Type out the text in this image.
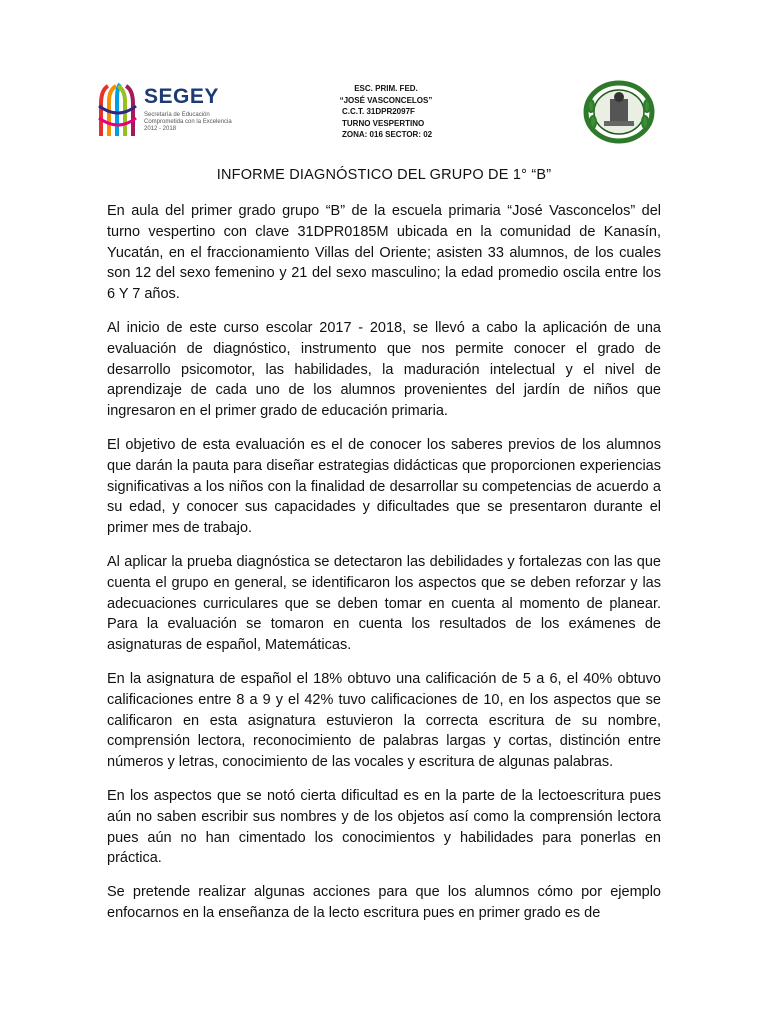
SEGEY
Secretaría de Educación
Comprometida con la Excelencia
2012 - 2018
ESC. PRIM. FED.
“JOSÉ VASCONCELOS”
C.C.T. 31DPR2097F
TURNO VESPERTINO
ZONA: 016 SECTOR: 02
INFORME DIAGNÓSTICO DEL GRUPO DE 1° “B”

En aula del primer grado grupo “B” de la escuela primaria “José Vasconcelos” del turno vespertino con clave 31DPR0185M ubicada en la comunidad de Kanasín, Yucatán, en el fraccionamiento Villas del Oriente; asisten 33 alumnos, de los cuales son 12 del sexo femenino y 21 del sexo masculino; la edad promedio oscila entre los 6 Y 7 años.

Al inicio de este curso escolar 2017 - 2018, se llevó a cabo la aplicación de una evaluación de diagnóstico, instrumento que nos permite conocer el grado de desarrollo psicomotor, las habilidades, la maduración intelectual y el nivel de aprendizaje de cada uno de los alumnos provenientes del jardín de niños que ingresaron en el primer grado de educación primaria.

El objetivo de esta evaluación es el de conocer los saberes previos de los alumnos que darán la pauta para diseñar estrategias didácticas que proporcionen experiencias significativas a los niños con la finalidad de desarrollar su competencias de acuerdo a su edad, y conocer sus capacidades y dificultades que se presentaron durante el primer mes de trabajo.

Al aplicar la prueba diagnóstica se detectaron las debilidades y fortalezas con las que cuenta el grupo en general, se identificaron los aspectos que se deben reforzar y las adecuaciones curriculares que se deben tomar en cuenta al momento de planear. Para la evaluación se tomaron en cuenta los resultados de los exámenes de asignaturas de español, Matemáticas.

En la asignatura de español el 18% obtuvo una calificación de 5 a 6, el 40% obtuvo calificaciones entre 8 a 9 y el 42% tuvo calificaciones de 10, en los aspectos que se calificaron en esta asignatura estuvieron la correcta escritura de su nombre, comprensión lectora, reconocimiento de palabras largas y cortas, distinción entre números y letras, conocimiento de las vocales y escritura de algunas palabras.

En los aspectos que se notó cierta dificultad es en la parte de la lectoescritura pues aún no saben escribir sus nombres y de los objetos así como la comprensión lectora pues aún no han cimentado los conocimientos y habilidades para ponerlas en práctica.

Se pretende realizar algunas acciones para que los alumnos cómo por ejemplo enfocarnos en la enseñanza de la lecto escritura pues en primer grado es de
